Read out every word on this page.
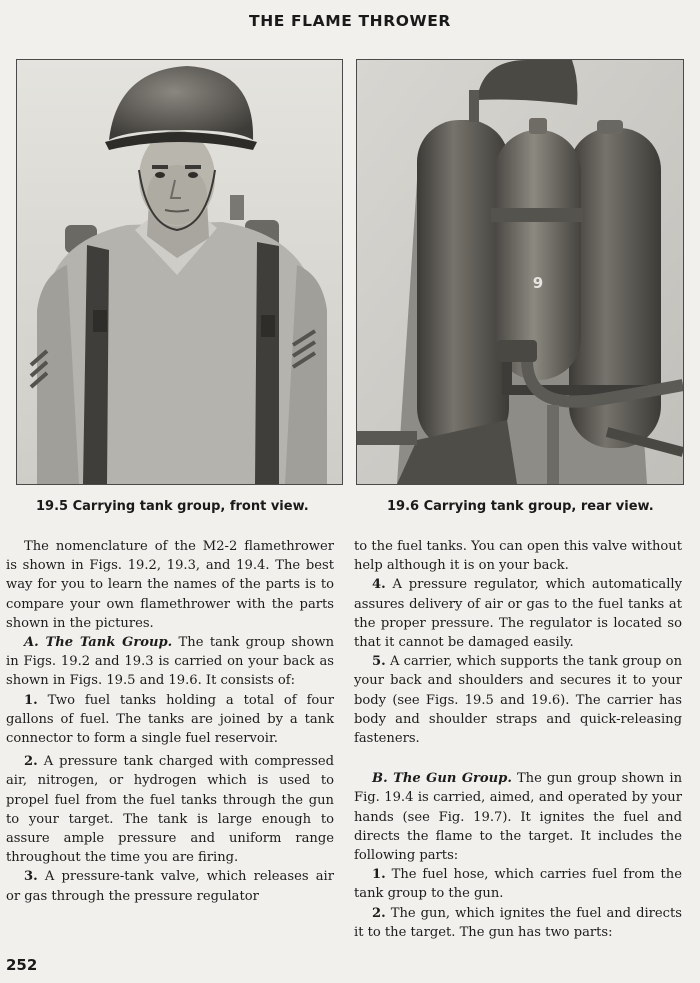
THE FLAME THROWER
9
19.5 Carrying tank group, front view.	19.6 Carrying tank group, rear view.

The nomenclature of the M2-2 flamethrower is shown in Figs. 19.2, 19.3, and 19.4. The best way for you to learn the names of the parts is to compare your own flamethrower with the parts shown in the pictures.

A. The Tank Group. The tank group shown in Figs. 19.2 and 19.3 is carried on your back as shown in Figs. 19.5 and 19.6. It consists of:

1. Two fuel tanks holding a total of four gallons of fuel. The tanks are joined by a tank connector to form a single fuel reservoir.

2. A pressure tank charged with compressed air, nitrogen, or hydrogen which is used to propel fuel from the fuel tanks through the gun to your target. The tank is large enough to assure ample pressure and uniform range throughout the time you are firing.

3. A pressure-tank valve, which releases air or gas through the pressure regulator

to the fuel tanks. You can open this valve without help although it is on your back.

4. A pressure regulator, which automatically assures delivery of air or gas to the fuel tanks at the proper pressure. The regulator is located so that it cannot be damaged easily.

5. A carrier, which supports the tank group on your back and shoulders and secures it to your body (see Figs. 19.5 and 19.6). The carrier has body and shoulder straps and quick-releasing fasteners.

B. The Gun Group. The gun group shown in Fig. 19.4 is carried, aimed, and operated by your hands (see Fig. 19.7). It ignites the fuel and directs the flame to the target. It includes the following parts:

1. The fuel hose, which carries fuel from the tank group to the gun.

2. The gun, which ignites the fuel and directs it to the target. The gun has two parts:

252
